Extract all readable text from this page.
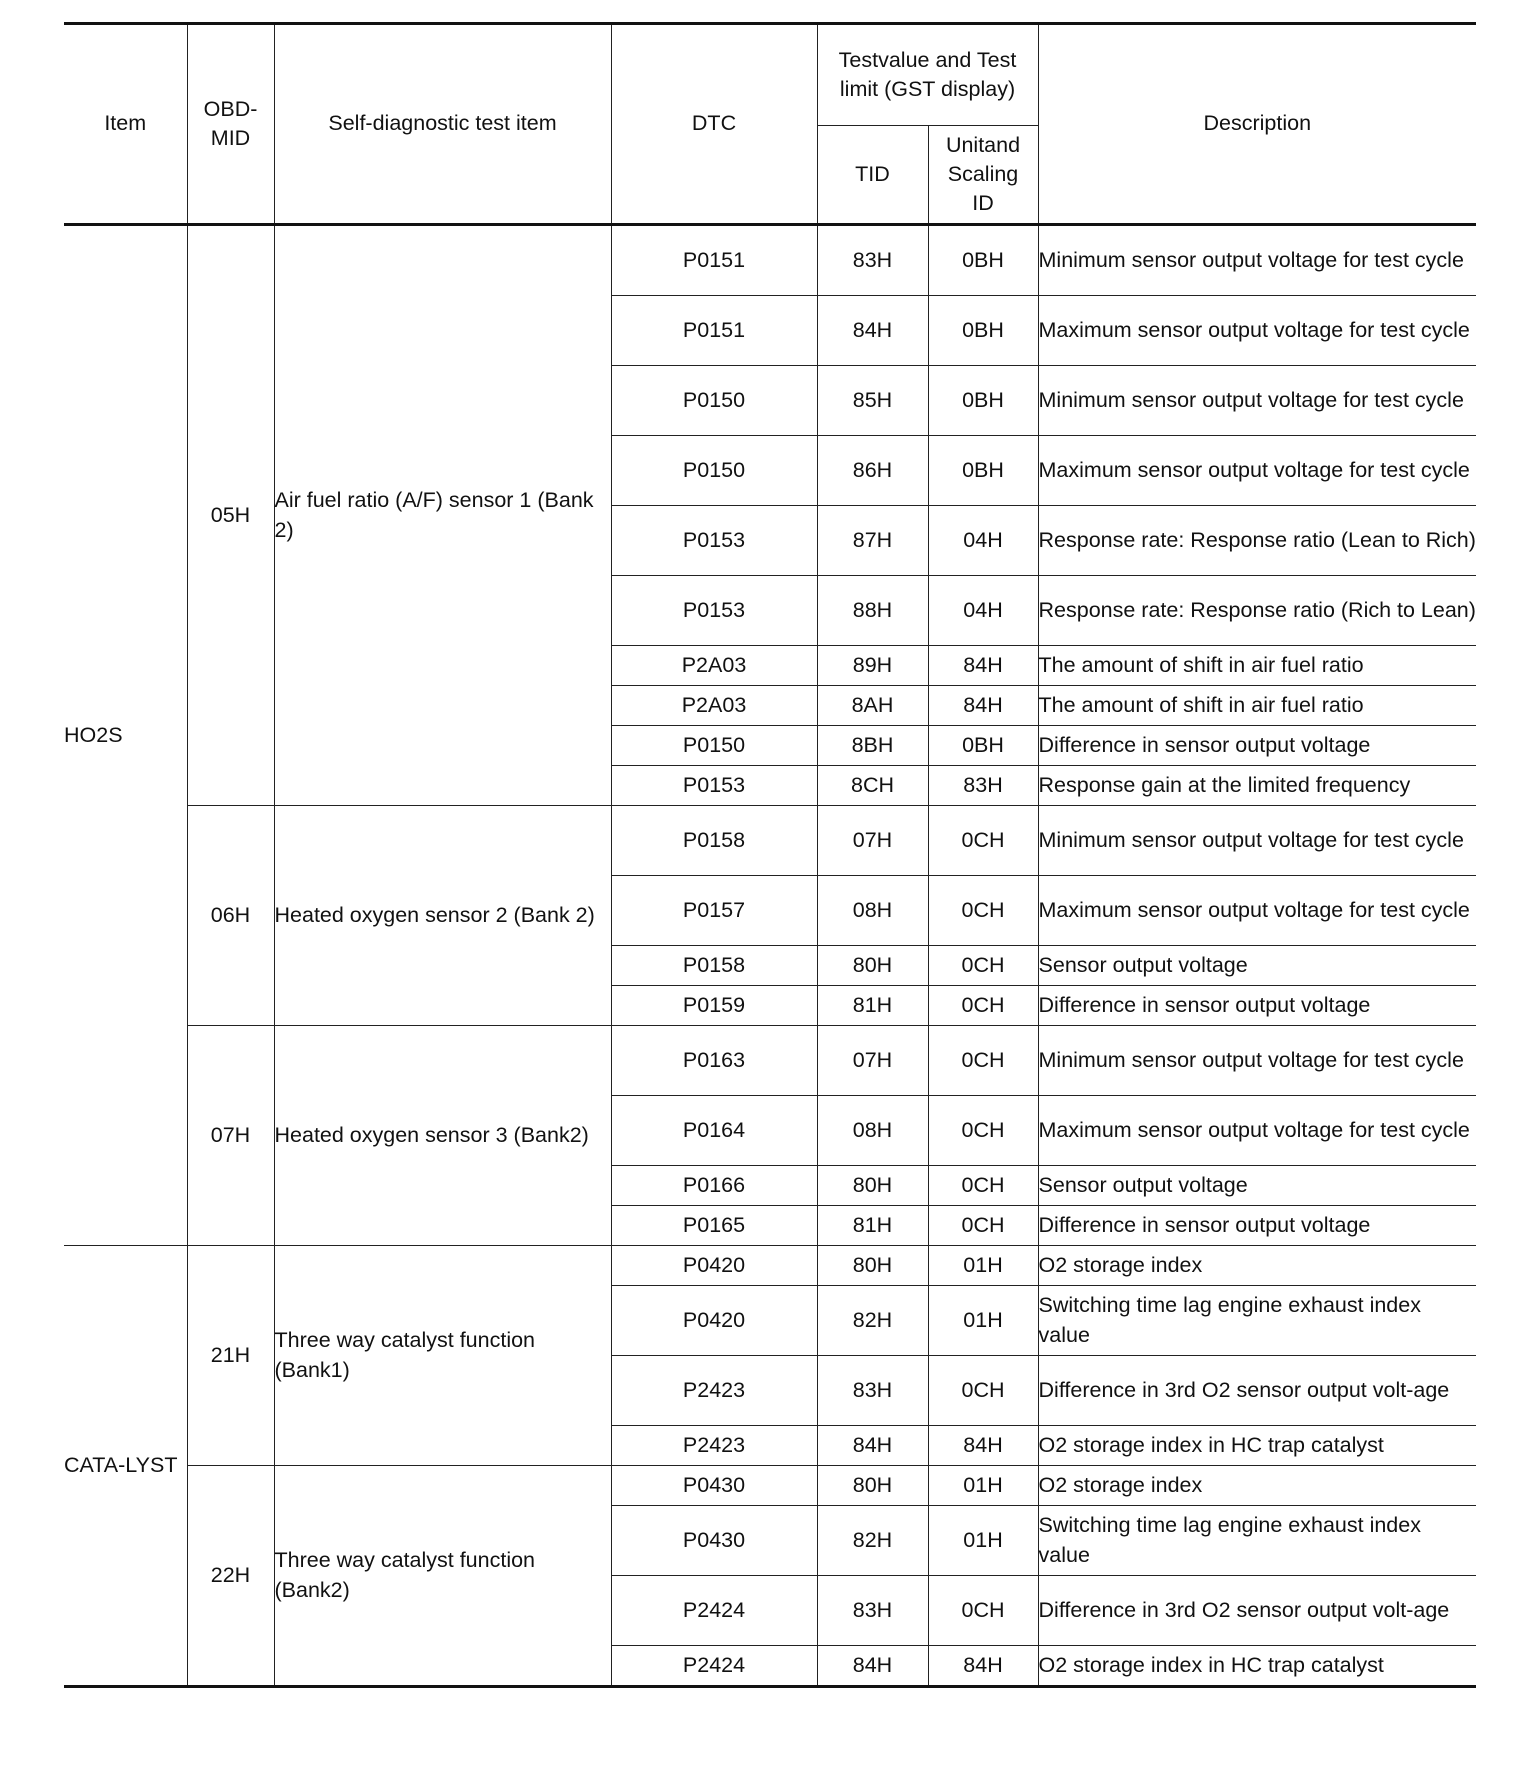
Item	OBD-MID	Self-diagnostic test item	DTC	Testvalue and Test limit (GST display)		Description
				TID	Unitand Scaling ID	
HO2S	05H	Air fuel ratio (A/F) sensor 1 (Bank 2)	P0151	83H	0BH	Minimum sensor output voltage for test cycle
			P0151	84H	0BH	Maximum sensor output voltage for test cycle
			P0150	85H	0BH	Minimum sensor output voltage for test cycle
			P0150	86H	0BH	Maximum sensor output voltage for test cycle
			P0153	87H	04H	Response rate: Response ratio (Lean to Rich)
			P0153	88H	04H	Response rate: Response ratio (Rich to Lean)
			P2A03	89H	84H	The amount of shift in air fuel ratio
			P2A03	8AH	84H	The amount of shift in air fuel ratio
			P0150	8BH	0BH	Difference in sensor output voltage
			P0153	8CH	83H	Response gain at the limited frequency
	06H	Heated oxygen sensor 2 (Bank 2)	P0158	07H	0CH	Minimum sensor output voltage for test cycle
			P0157	08H	0CH	Maximum sensor output voltage for test cycle
			P0158	80H	0CH	Sensor output voltage
			P0159	81H	0CH	Difference in sensor output voltage
	07H	Heated oxygen sensor 3 (Bank2)	P0163	07H	0CH	Minimum sensor output voltage for test cycle
			P0164	08H	0CH	Maximum sensor output voltage for test cycle
			P0166	80H	0CH	Sensor output voltage
			P0165	81H	0CH	Difference in sensor output voltage
CATA-LYST	21H	Three way catalyst function (Bank1)	P0420	80H	01H	O2 storage index
			P0420	82H	01H	Switching time lag engine exhaust index value
			P2423	83H	0CH	Difference in 3rd O2 sensor output volt-age
			P2423	84H	84H	O2 storage index in HC trap catalyst
	22H	Three way catalyst function (Bank2)	P0430	80H	01H	O2 storage index
			P0430	82H	01H	Switching time lag engine exhaust index value
			P2424	83H	0CH	Difference in 3rd O2 sensor output volt-age
			P2424	84H	84H	O2 storage index in HC trap catalyst
